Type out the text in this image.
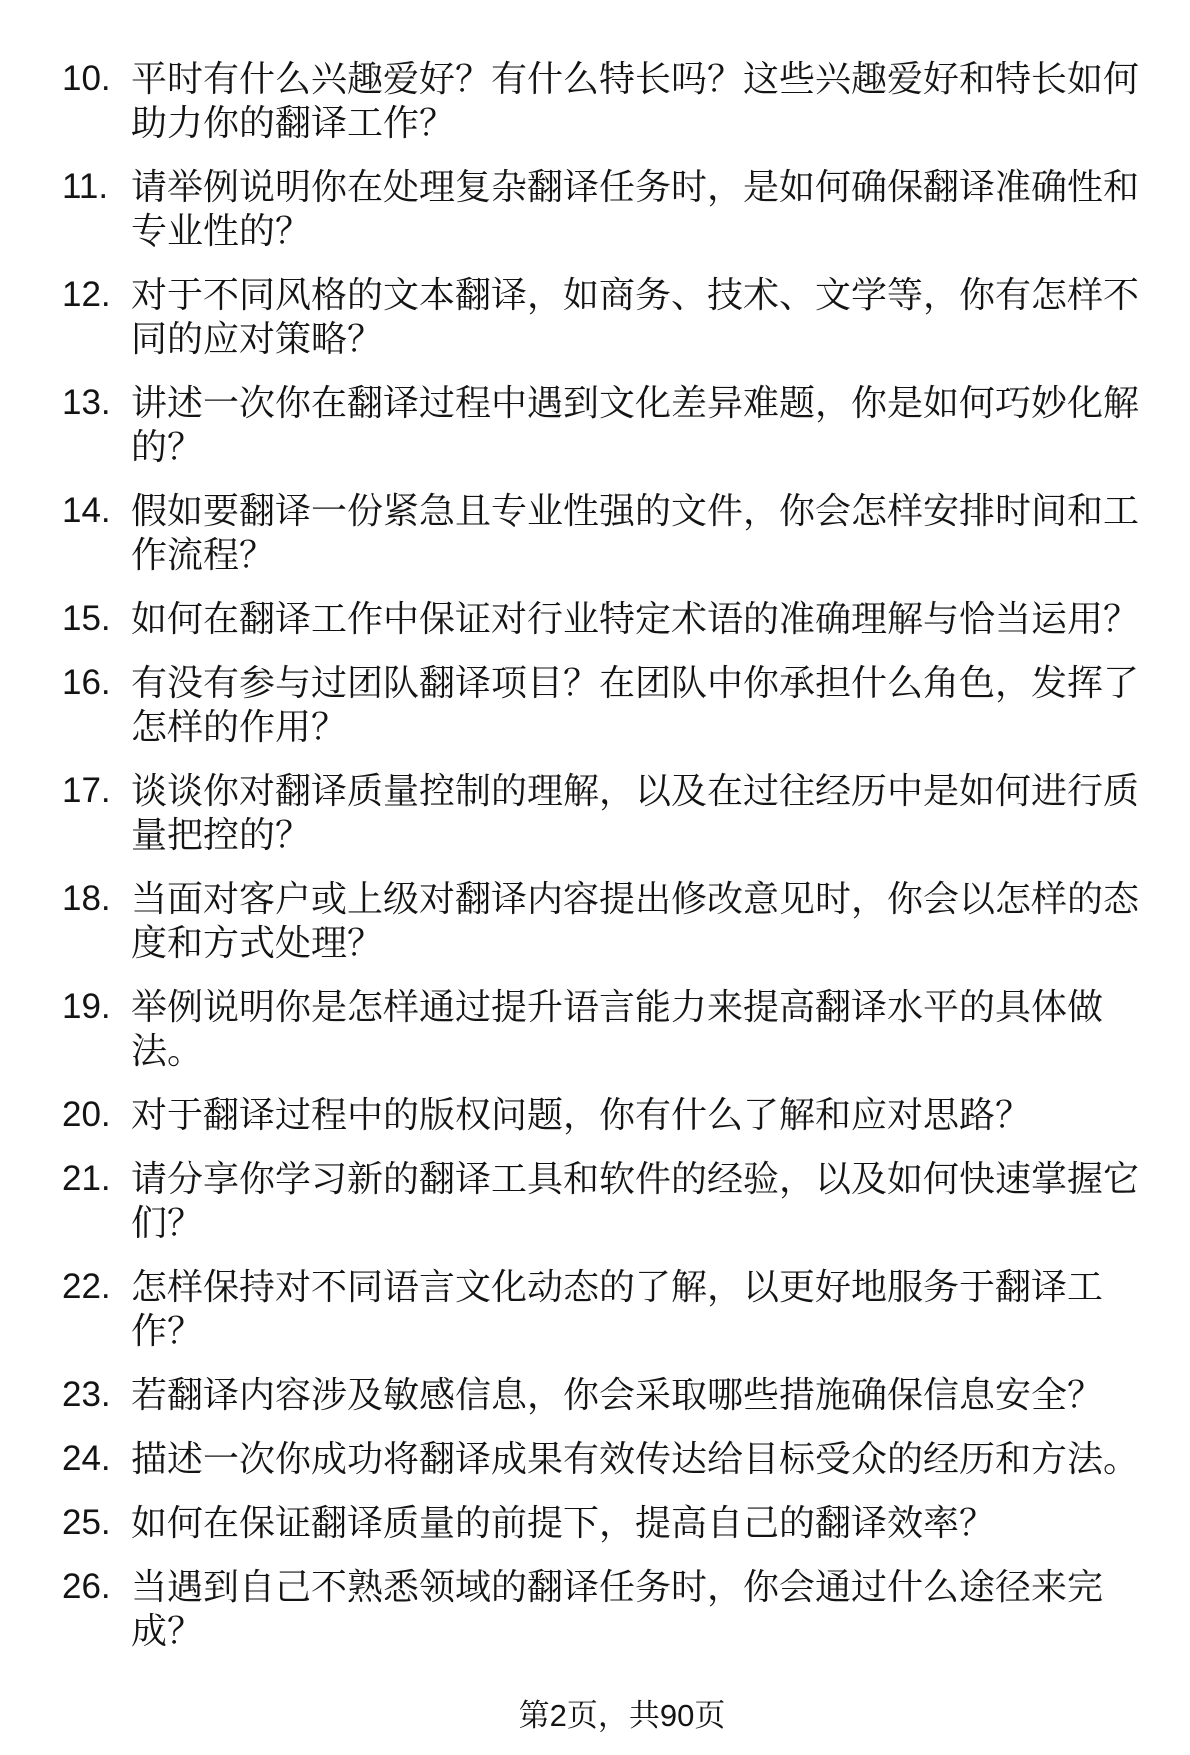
10. 平时有什么兴趣爱好？有什么特长吗？这些兴趣爱好和特长如何助力你的翻译工作？
11. 请举例说明你在处理复杂翻译任务时，是如何确保翻译准确性和专业性的？
12. 对于不同风格的文本翻译，如商务、技术、文学等，你有怎样不同的应对策略？
13. 讲述一次你在翻译过程中遇到文化差异难题，你是如何巧妙化解的？
14. 假如要翻译一份紧急且专业性强的文件，你会怎样安排时间和工作流程？
15. 如何在翻译工作中保证对行业特定术语的准确理解与恰当运用？
16. 有没有参与过团队翻译项目？在团队中你承担什么角色，发挥了怎样的作用？
17. 谈谈你对翻译质量控制的理解，以及在过往经历中是如何进行质量把控的？
18. 当面对客户或上级对翻译内容提出修改意见时，你会以怎样的态度和方式处理？
19. 举例说明你是怎样通过提升语言能力来提高翻译水平的具体做法。
20. 对于翻译过程中的版权问题，你有什么了解和应对思路？
21. 请分享你学习新的翻译工具和软件的经验，以及如何快速掌握它们？
22. 怎样保持对不同语言文化动态的了解，以更好地服务于翻译工作？
23. 若翻译内容涉及敏感信息，你会采取哪些措施确保信息安全？
24. 描述一次你成功将翻译成果有效传达给目标受众的经历和方法。
25. 如何在保证翻译质量的前提下，提高自己的翻译效率？
26. 当遇到自己不熟悉领域的翻译任务时，你会通过什么途径来完成？
第2页，共90页
